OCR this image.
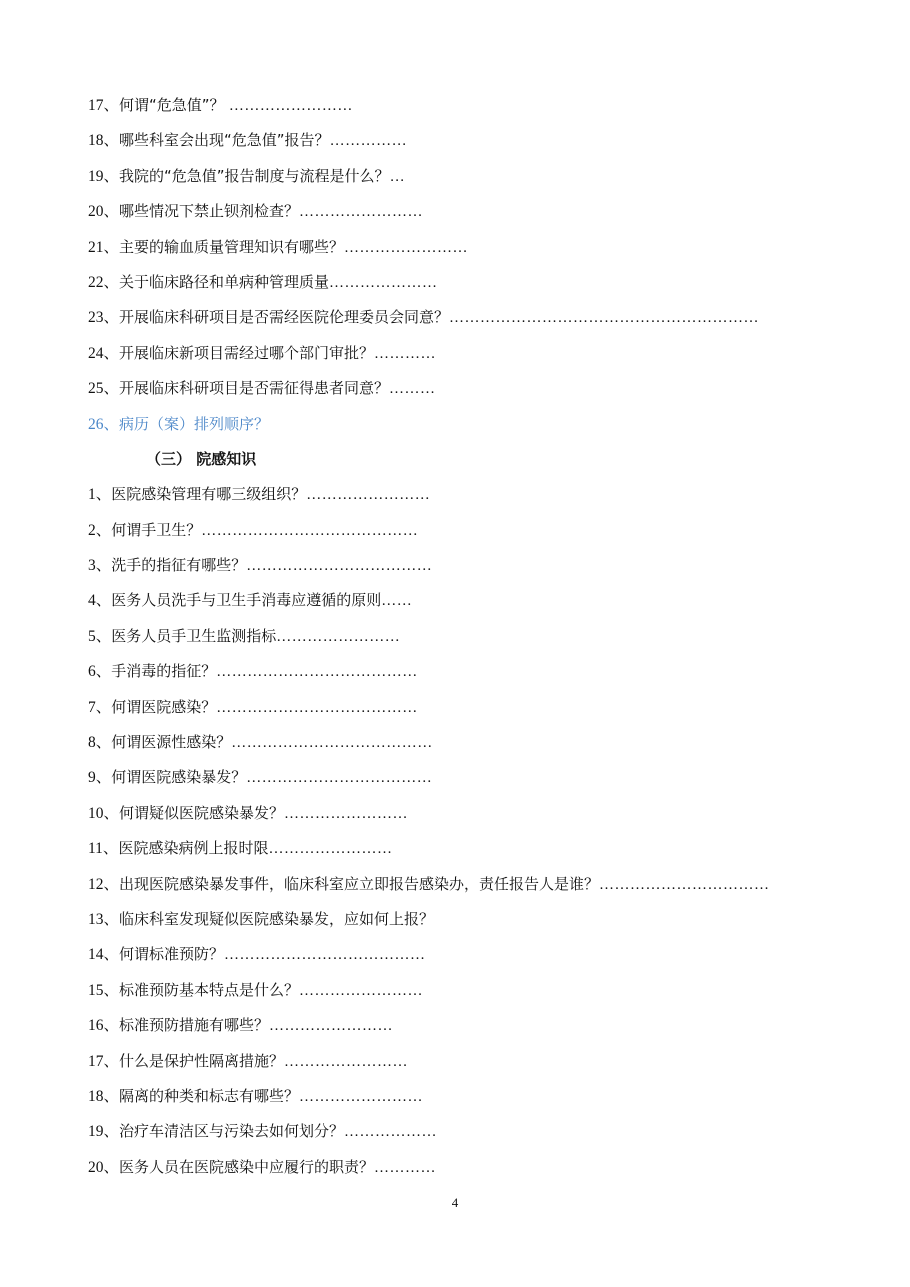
17、何谓“危急值”？ ……………………
18、哪些科室会出现“危急值”报告？……………
19、我院的“危急值”报告制度与流程是什么？…
20、哪些情况下禁止钡剂检查？……………………
21、主要的输血质量管理知识有哪些？……………………
22、关于临床路径和单病种管理质量…………………
23、开展临床科研项目是否需经医院伦理委员会同意？……………………………………………………
24、开展临床新项目需经过哪个部门审批？…………
25、开展临床科研项目是否需征得患者同意？………
26、病历（案）排列顺序？
（三） 院感知识
1、医院感染管理有哪三级组织？……………………
2、何谓手卫生？……………………………………
3、洗手的指征有哪些？………………………………
4、医务人员洗手与卫生手消毒应遵循的原则……
5、医务人员手卫生监测指标……………………
6、手消毒的指征？…………………………………
7、何谓医院感染？…………………………………
8、何谓医源性感染？…………………………………
9、何谓医院感染暴发？………………………………
10、何谓疑似医院感染暴发？……………………
11、医院感染病例上报时限……………………
12、出现医院感染暴发事件，临床科室应立即报告感染办，责任报告人是谁？……………………………
13、临床科室发现疑似医院感染暴发，应如何上报？
14、何谓标准预防？…………………………………
15、标准预防基本特点是什么？……………………
16、标准预防措施有哪些？……………………
17、什么是保护性隔离措施？……………………
18、隔离的种类和标志有哪些？……………………
19、治疗车清洁区与污染去如何划分？………………
20、医务人员在医院感染中应履行的职责？…………
4
